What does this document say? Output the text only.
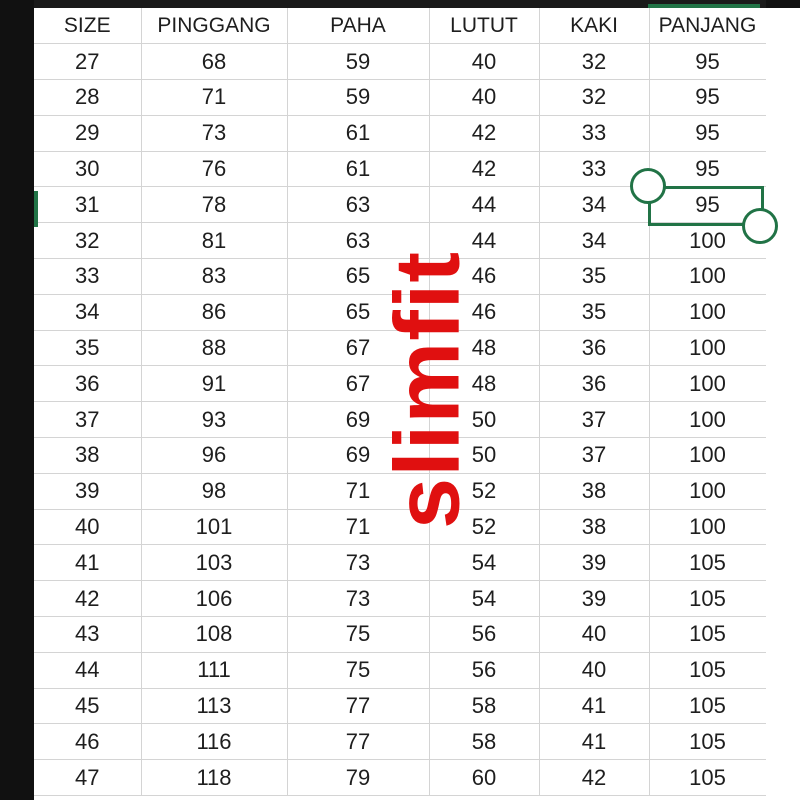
SIZE	PINGGANG	PAHA	LUTUT	KAKI	PANJANG
27	68	59	40	32	95
28	71	59	40	32	95
29	73	61	42	33	95
30	76	61	42	33	95
31	78	63	44	34	95
32	81	63	44	34	100
33	83	65	46	35	100
34	86	65	46	35	100
35	88	67	48	36	100
36	91	67	48	36	100
37	93	69	50	37	100
38	96	69	50	37	100
39	98	71	52	38	100
40	101	71	52	38	100
41	103	73	54	39	105
42	106	73	54	39	105
43	108	75	56	40	105
44	111	75	56	40	105
45	113	77	58	41	105
46	116	77	58	41	105
47	118	79	60	42	105
slimfit
